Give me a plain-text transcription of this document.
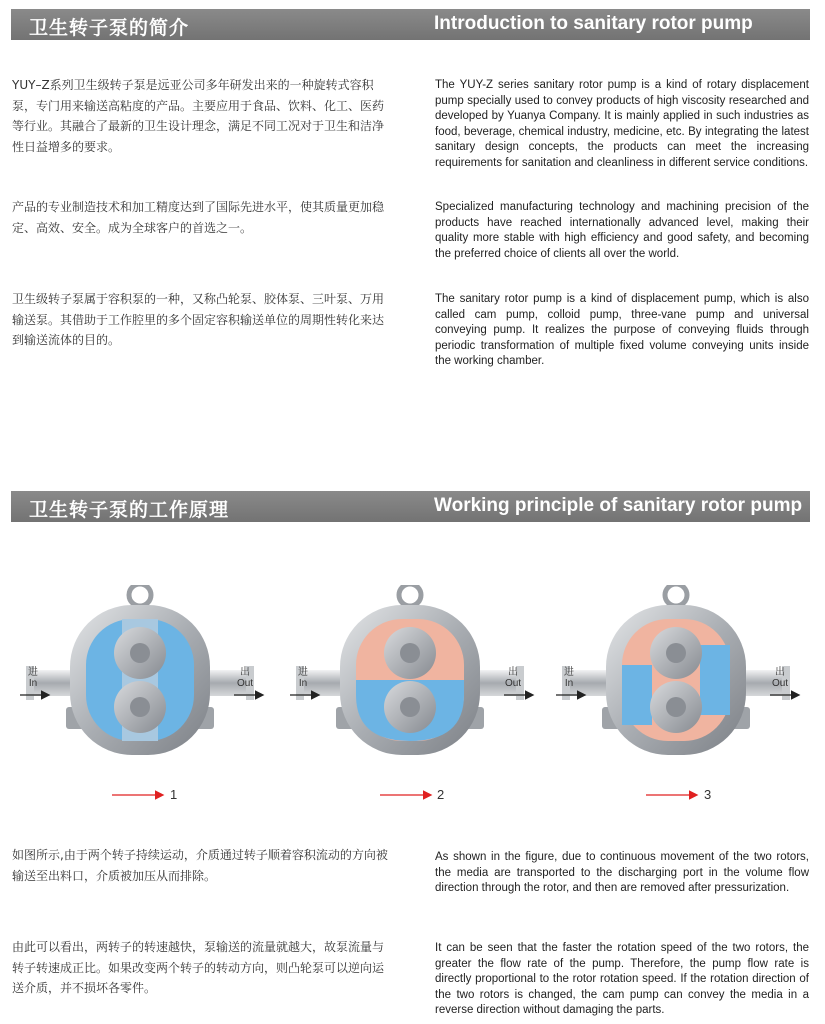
卫生转子泵的简介	Introduction to sanitary rotor pump

YUY–Z系列卫生级转子泵是远亚公司多年研发出来的一种旋转式容积泵，专门用来输送高粘度的产品。主要应用于食品、饮料、化工、医药等行业。其融合了最新的卫生设计理念，满足不同工况对于卫生和洁净性日益增多的要求。

The YUY-Z series sanitary rotor pump is a kind of rotary displacement pump specially used to convey products of high viscosity researched and developed by Yuanya Company. It is mainly applied in such industries as food, beverage, chemical industry, medicine, etc. By integrating the latest sanitary design concepts, the products can meet the increasing requirements for sanitation and cleanliness in different service conditions.

产品的专业制造技术和加工精度达到了国际先进水平，使其质量更加稳定、高效、安全。成为全球客户的首选之一。

Specialized manufacturing technology and machining precision of the products have reached internationally advanced level, making their quality more stable with high efficiency and good safety, and becoming the preferred choice of clients all over the world.

卫生级转子泵属于容积泵的一种，又称凸轮泵、胶体泵、三叶泵、万用输送泵。其借助于工作腔里的多个固定容积输送单位的周期性转化来达到输送流体的目的。

The sanitary rotor pump is a kind of displacement pump, which is also called cam pump, colloid pump, three-vane pump and universal conveying pump. It realizes the purpose of conveying fluids through periodic transformation of multiple fixed volume conveying units inside the working chamber.

卫生转子泵的工作原理	Working principle of sanitary rotor pump
进
In
出
Out
进
In
出
Out
进
In
出
Out
1	2	3

如图所示,由于两个转子持续运动，介质通过转子顺着容积流动的方向被输送至出料口，介质被加压从而排除。

As shown in the figure, due to continuous movement of the two rotors, the media are transported to the discharging port in the volume flow direction through the rotor, and then are removed after pressurization.

由此可以看出，两转子的转速越快，泵输送的流量就越大，故泵流量与转子转速成正比。如果改变两个转子的转动方向，则凸轮泵可以逆向运送介质，并不损坏各零件。

It can be seen that the faster the rotation speed of the two rotors, the greater the flow rate of the pump. Therefore, the pump flow rate is directly proportional to the rotor rotation speed. If the rotation direction of the two rotors is changed, the cam pump can convey the media in a reverse direction without damaging the parts.
